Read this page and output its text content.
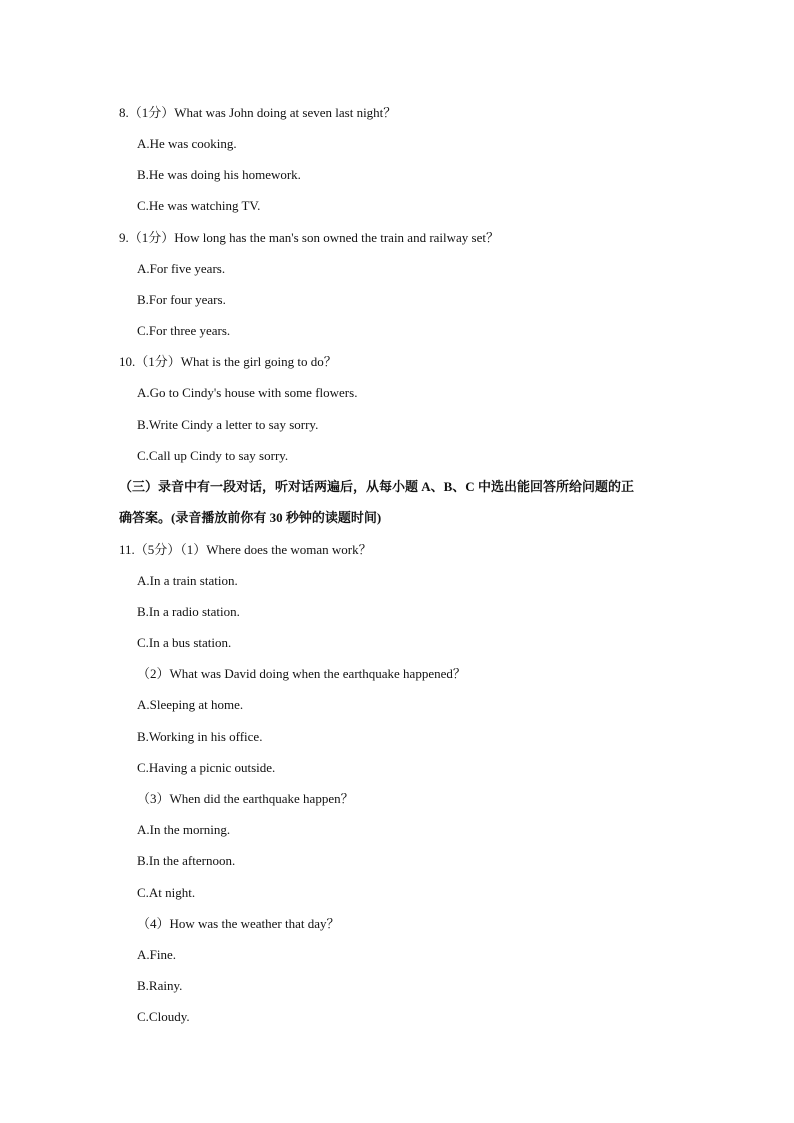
8.（1分）What was John doing at seven last night？
A.He was cooking.
B.He was doing his homework.
C.He was watching TV.
9.（1分）How long has the man's son owned the train and railway set？
A.For five years.
B.For four years.
C.For three years.
10.（1分）What is the girl going to do？
A.Go to Cindy's house with some flowers.
B.Write Cindy a letter to say sorry.
C.Call up Cindy to say sorry.
（三）录音中有一段对话，听对话两遍后，从每小题 A、B、C 中选出能回答所给问题的正
确答案。(录音播放前你有 30 秒钟的读题时间)
11.（5分）（1）Where does the woman work？
A.In a train station.
B.In a radio station.
C.In a bus station.
（2）What was David doing when the earthquake happened？
A.Sleeping at home.
B.Working in his office.
C.Having a picnic outside.
（3）When did the earthquake happen？
A.In the morning.
B.In the afternoon.
C.At night.
（4）How was the weather that day？
A.Fine.
B.Rainy.
C.Cloudy.
